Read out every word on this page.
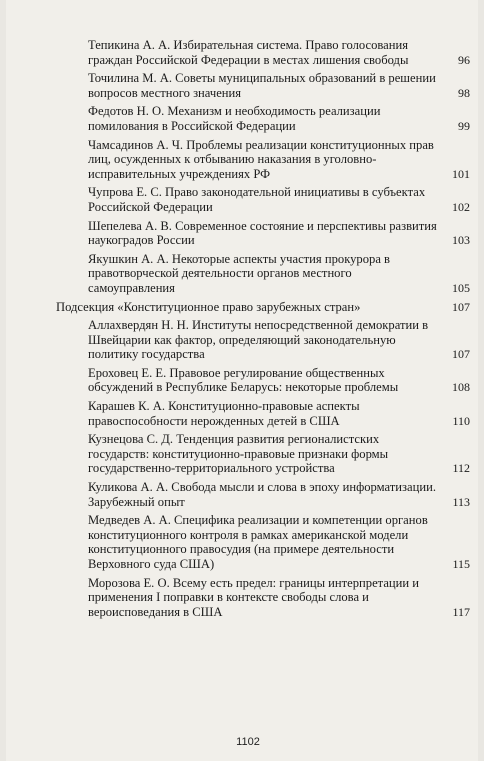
Тепикина А. А. Избирательная система. Право голосования граждан Российской Федерации в местах лишения свободы	96
Точилина М. А. Советы муниципальных образований в решении вопросов местного значения	98
Федотов Н. О. Механизм и необходимость реализации помилования в Российской Федерации	99
Чамсадинов А. Ч. Проблемы реализации конституционных прав лиц, осужденных к отбыванию наказания в уголовно-исправительных учреждениях РФ	101
Чупрова Е. С. Право законодательной инициативы в субъектах Российской Федерации	102
Шепелева А. В. Современное состояние и перспективы развития наукоградов России	103
Якушкин А. А. Некоторые аспекты участия прокурора в правотворческой деятельности органов местного самоуправления	105
Подсекция «Конституционное право зарубежных стран»	107
Аллахвердян Н. Н. Институты непосредственной демократии в Швейцарии как фактор, определяющий законодательную политику государства	107
Ероховец Е. Е. Правовое регулирование общественных обсуждений в Республике Беларусь: некоторые проблемы	108
Карашев К. А. Конституционно-правовые аспекты правоспособности нерожденных детей в США	110
Кузнецова С. Д. Тенденция развития регионалистских государств: конституционно-правовые признаки формы государственно-территориального устройства	112
Куликова А. А. Свобода мысли и слова в эпоху информатизации. Зарубежный опыт	113
Медведев А. А. Специфика реализации и компетенции органов конституционного контроля в рамках американской модели конституционного правосудия (на примере деятельности Верховного суда США)	115
Морозова Е. О. Всему есть предел: границы интерпретации и применения I поправки в контексте свободы слова и вероисповедания в США	117
1102
